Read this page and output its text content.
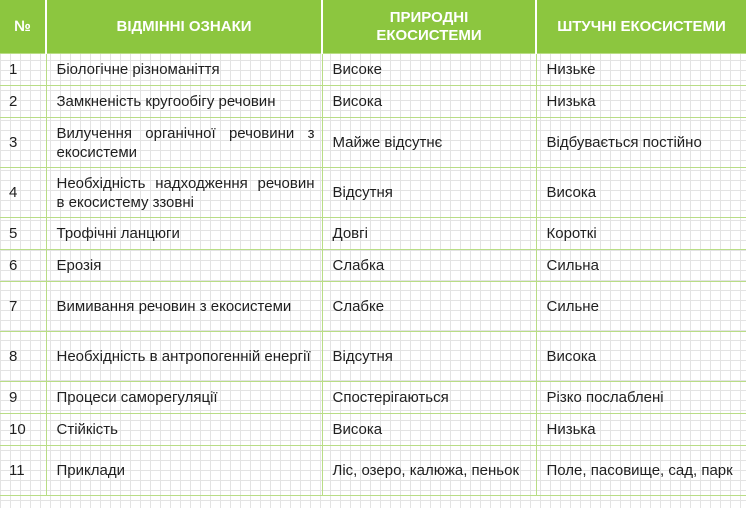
№	ВІДМІННІ ОЗНАКИ	ПРИРОДНІ ЕКОСИСТЕМИ	ШТУЧНІ ЕКОСИСТЕМИ
1	Біологічне різноманіття	Високе	Низьке
2	Замкненість кругообігу речовин	Висока	Низька
3	Вилучення органічної речовини з екосистеми	Майже відсутнє	Відбувається постійно
4	Необхідність надходження речовин в екосистему ззовні	Відсутня	Висока
5	Трофічні ланцюги	Довгі	Короткі
6	Ерозія	Слабка	Сильна
7	Вимивання речовин з екосистеми	Слабке	Сильне
8	Необхідність в антропогенній енергії	Відсутня	Висока
9	Процеси саморегуляції	Спостерігаються	Різко послаблені
10	Стійкість	Висока	Низька
11	Приклади	Ліс, озеро, калюжа, пеньок	Поле, пасовище, сад, парк
